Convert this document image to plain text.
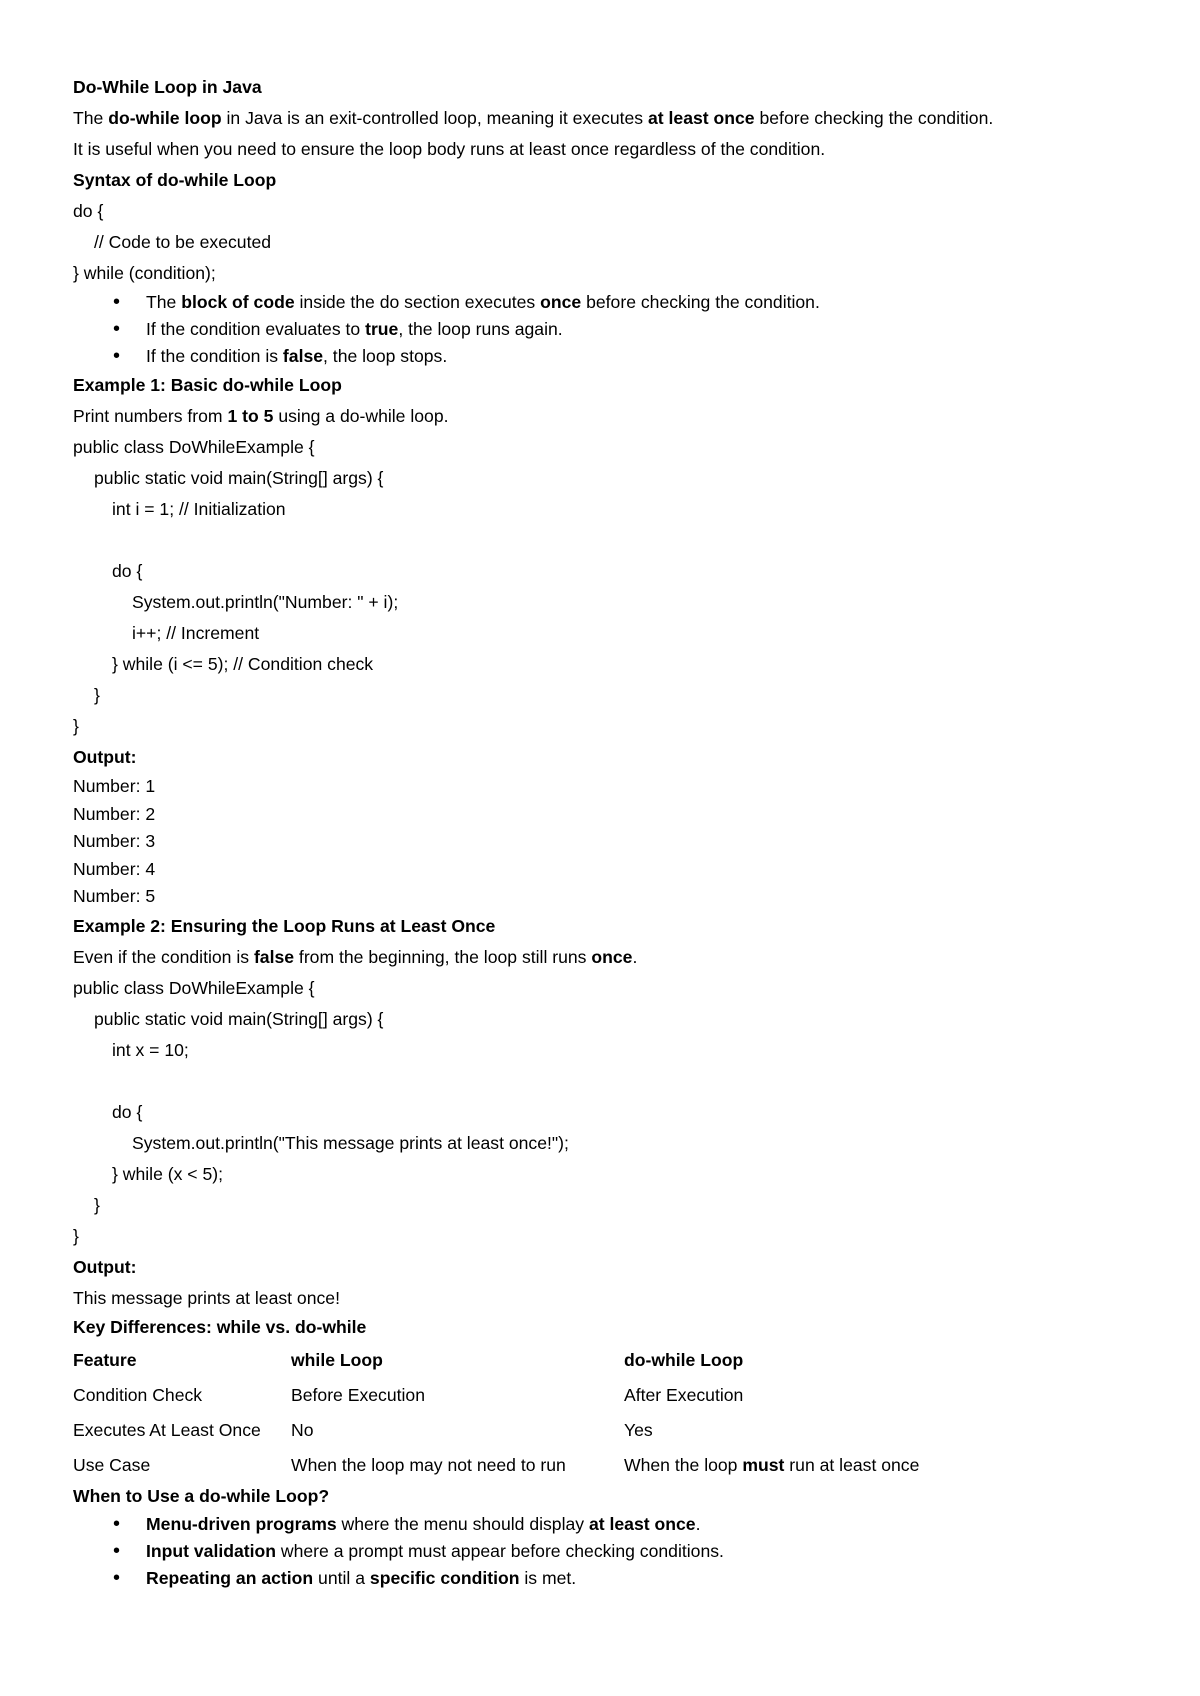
Do-While Loop in Java
The do-while loop in Java is an exit-controlled loop, meaning it executes at least once before checking the condition.
It is useful when you need to ensure the loop body runs at least once regardless of the condition.
Syntax of do-while Loop
do {
// Code to be executed
} while (condition);
• The block of code inside the do section executes once before checking the condition.
• If the condition evaluates to true, the loop runs again.
• If the condition is false, the loop stops.
Example 1: Basic do-while Loop
Print numbers from 1 to 5 using a do-while loop.
public class DoWhileExample {
public static void main(String[] args) {
int i = 1; // Initialization
do {
System.out.println("Number: " + i);
i++; // Increment
} while (i <= 5); // Condition check
}
}
Output:
Number: 1
Number: 2
Number: 3
Number: 4
Number: 5
Example 2: Ensuring the Loop Runs at Least Once
Even if the condition is false from the beginning, the loop still runs once.
public class DoWhileExample {
public static void main(String[] args) {
int x = 10;
do {
System.out.println("This message prints at least once!");
} while (x < 5);
}
}
Output:
This message prints at least once!
Key Differences: while vs. do-while
Feature	while Loop	do-while Loop
Condition Check	Before Execution	After Execution
Executes At Least Once	No	Yes
Use Case	When the loop may not need to run	When the loop must run at least once
When to Use a do-while Loop?
• Menu-driven programs where the menu should display at least once.
• Input validation where a prompt must appear before checking conditions.
• Repeating an action until a specific condition is met.
